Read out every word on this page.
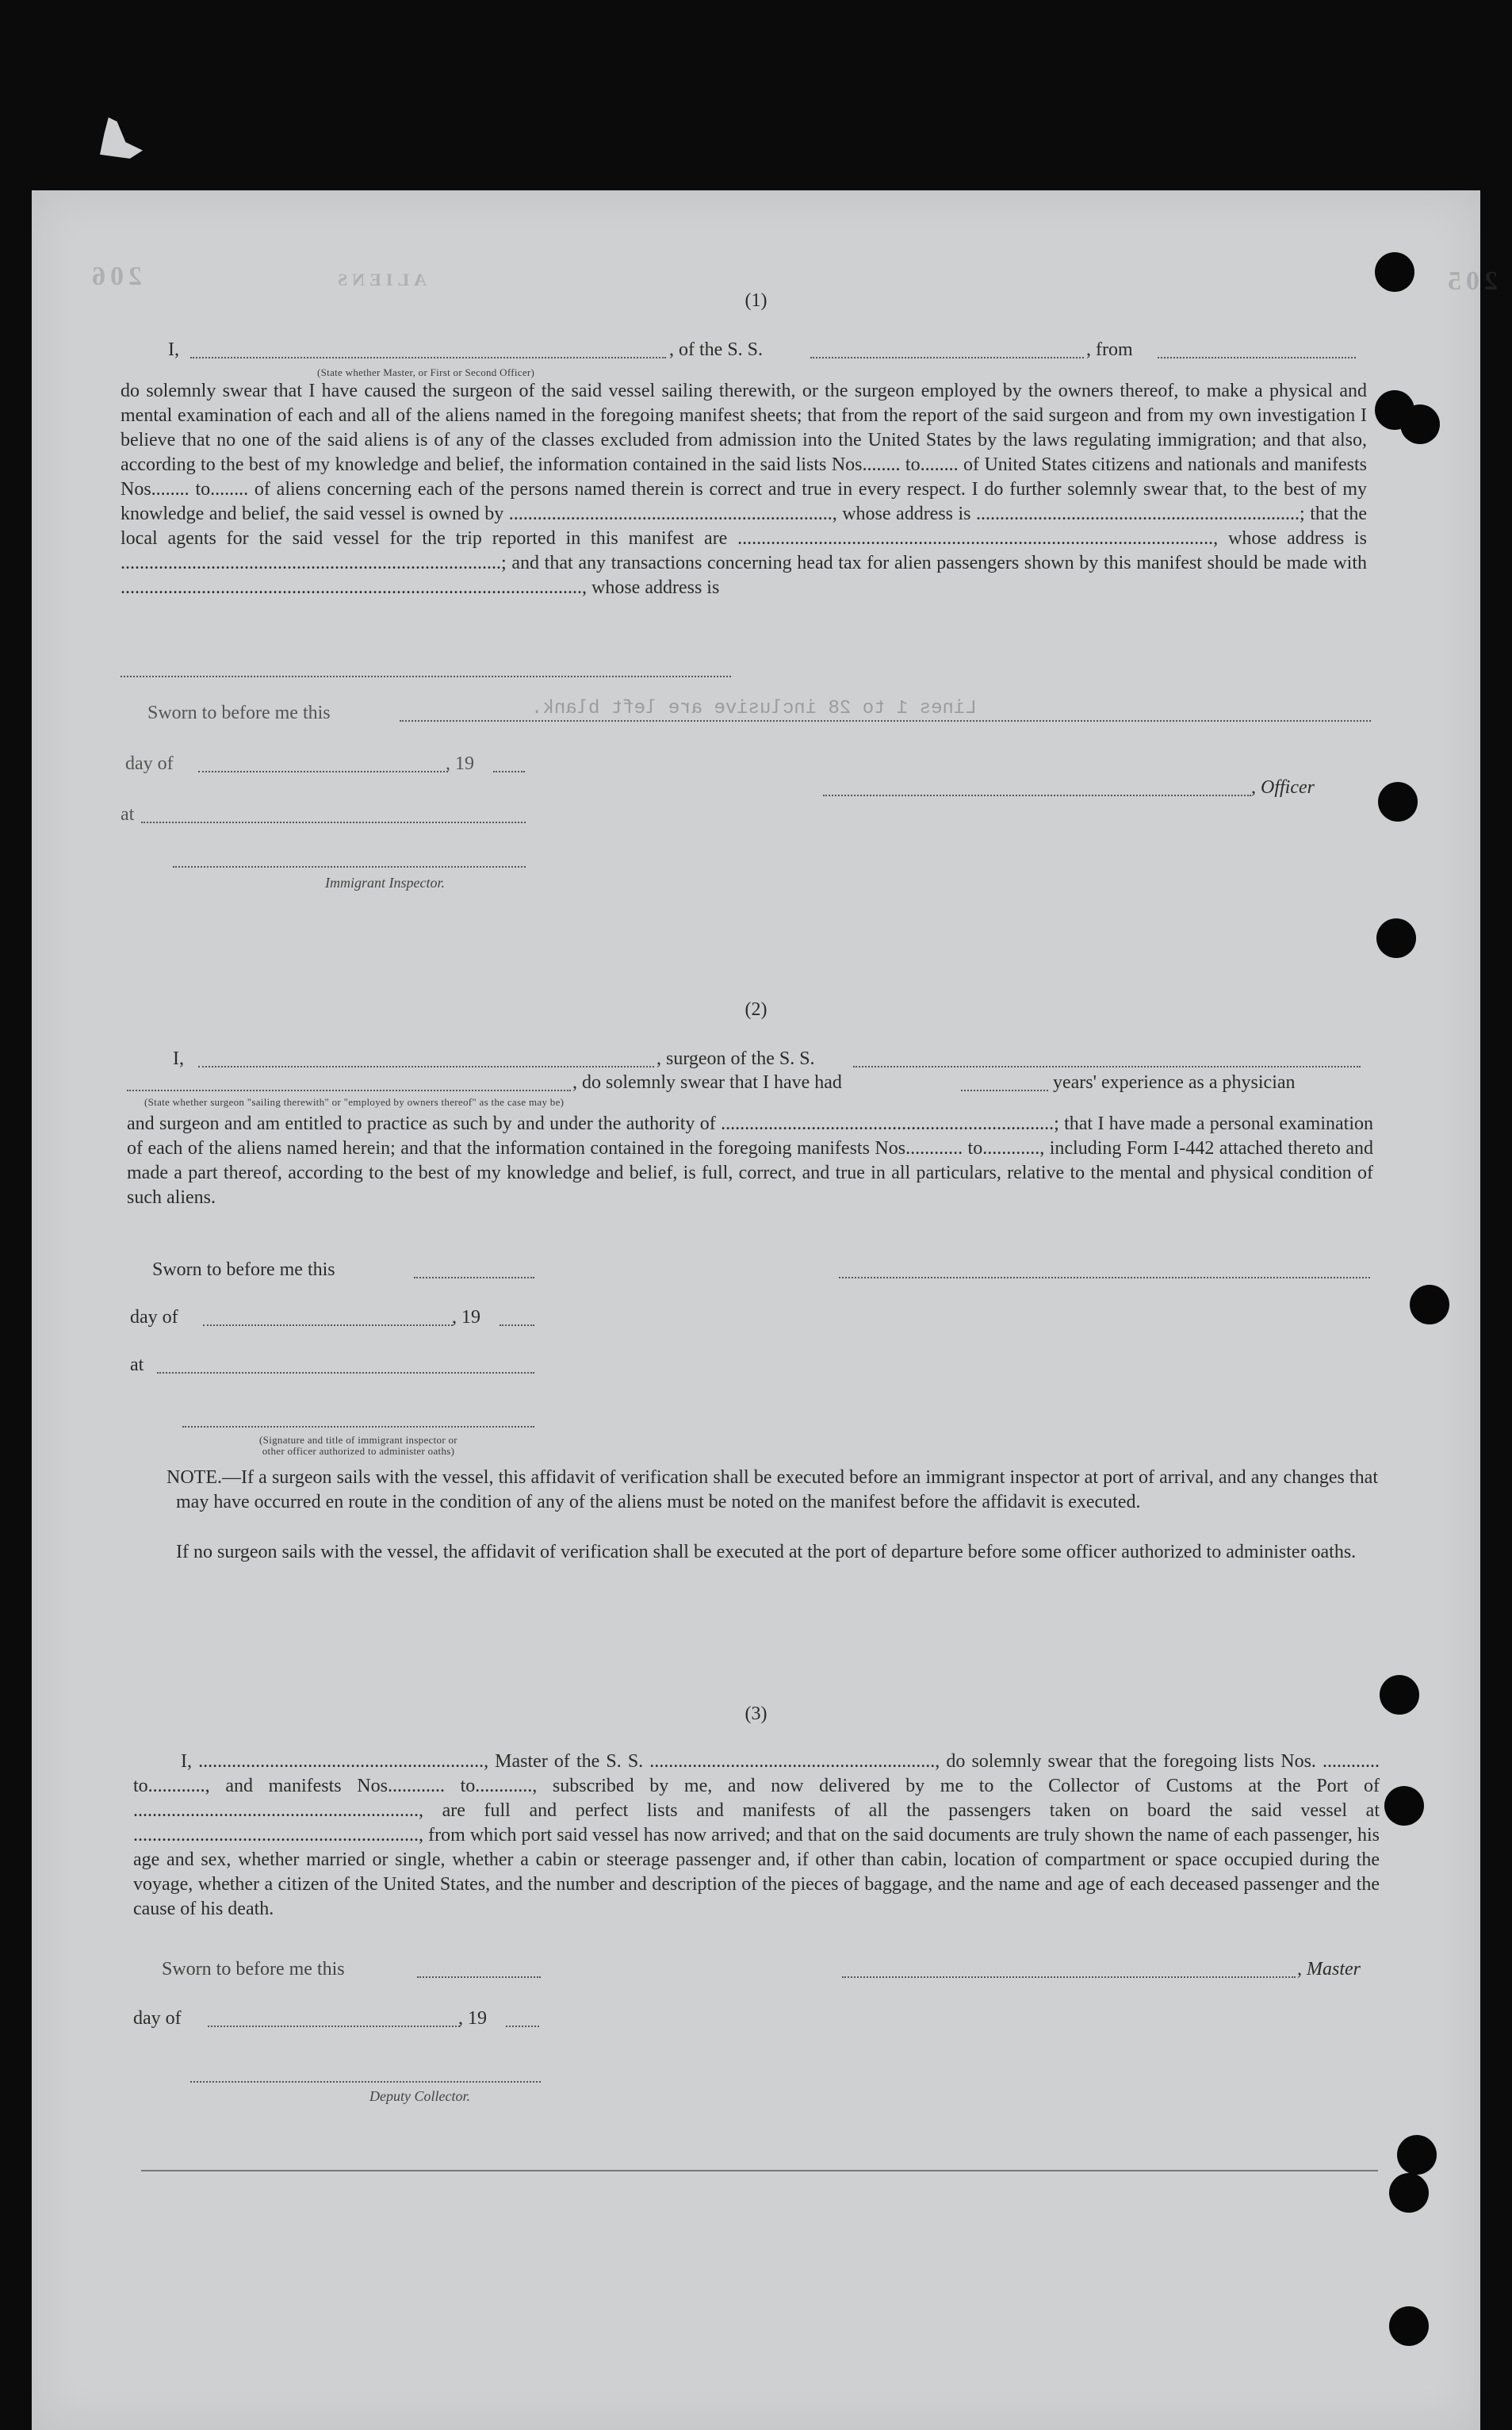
206	ALIENS	205
(1)
I,	, of the S. S.	, from
(State whether Master, or First or Second Officer)
do solemnly swear that I have caused the surgeon of the said vessel sailing therewith, or the surgeon employed by the owners thereof, to make a physical and mental examination of each and all of the aliens named in the foregoing manifest sheets; that from the report of the said surgeon and from my own investigation I believe that no one of the said aliens is of any of the classes excluded from admission into the United States by the laws regulating immigration; and that also, according to the best of my knowledge and belief, the information contained in the said lists Nos........ to........ of United States citizens and nationals and manifests Nos........ to........ of aliens concerning each of the persons named therein is correct and true in every respect. I do further solemnly swear that, to the best of my knowledge and belief, the said vessel is owned by ...................................................................., whose address is ....................................................................; that the local agents for the said vessel for the trip reported in this manifest are ...................................................................................................., whose address is ................................................................................; and that any transactions concerning head tax for alien passengers shown by this manifest should be made with ................................................................................................., whose address is
Sworn to before me this	Lines 1 to 28 inclusive are left blank.
day of	, 19
, Officer
at
Immigrant Inspector.
(2)
I,	, surgeon of the S. S.
, do solemnly swear that I have had	years' experience as a physician
(State whether surgeon "sailing therewith" or "employed by owners thereof" as the case may be)
and surgeon and am entitled to practice as such by and under the authority of ......................................................................; that I have made a personal examination of each of the aliens named herein; and that the information contained in the foregoing manifests Nos............ to............, including Form I-442 attached thereto and made a part thereof, according to the best of my knowledge and belief, is full, correct, and true in all particulars, relative to the mental and physical condition of such aliens.
Sworn to before me this
day of	, 19
at
(Signature and title of immigrant inspector or
other officer authorized to administer oaths)
NOTE.—If a surgeon sails with the vessel, this affidavit of verification shall be executed before an immigrant inspector at port of arrival, and any changes that may have occurred en route in the condition of any of the aliens must be noted on the manifest before the affidavit is executed.
If no surgeon sails with the vessel, the affidavit of verification shall be executed at the port of departure before some officer authorized to administer oaths.
(3)
I, ............................................................, Master of the S. S. ............................................................, do solemnly swear that the foregoing lists Nos. ............ to............, and manifests Nos............ to............, subscribed by me, and now delivered by me to the Collector of Customs at the Port of ............................................................, are full and perfect lists and manifests of all the passengers taken on board the said vessel at ............................................................, from which port said vessel has now arrived; and that on the said documents are truly shown the name of each passenger, his age and sex, whether married or single, whether a cabin or steerage passenger and, if other than cabin, location of compartment or space occupied during the voyage, whether a citizen of the United States, and the number and description of the pieces of baggage, and the name and age of each deceased passenger and the cause of his death.
Sworn to before me this	, Master
day of	, 19
Deputy Collector.
